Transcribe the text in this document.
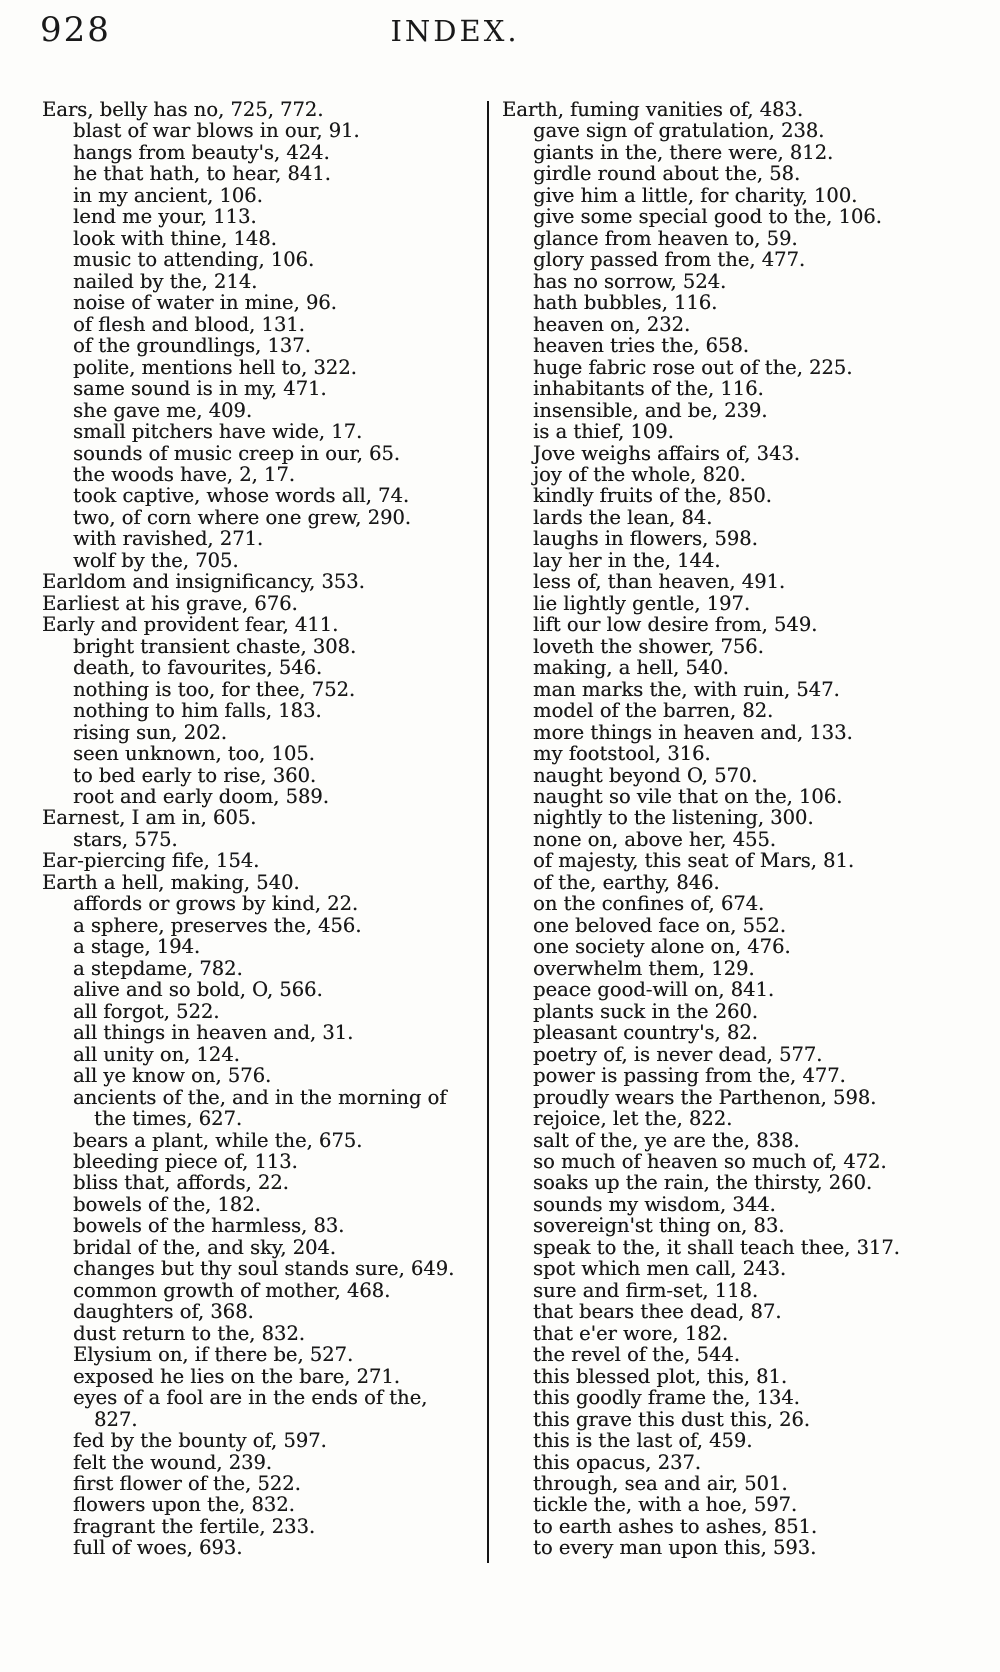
928	INDEX.
Ears, belly has no, 725, 772.
blast of war blows in our, 91.
hangs from beauty's, 424.
he that hath, to hear, 841.
in my ancient, 106.
lend me your, 113.
look with thine, 148.
music to attending, 106.
nailed by the, 214.
noise of water in mine, 96.
of flesh and blood, 131.
of the groundlings, 137.
polite, mentions hell to, 322.
same sound is in my, 471.
she gave me, 409.
small pitchers have wide, 17.
sounds of music creep in our, 65.
the woods have, 2, 17.
took captive, whose words all, 74.
two, of corn where one grew, 290.
with ravished, 271.
wolf by the, 705.
Earldom and insignificancy, 353.
Earliest at his grave, 676.
Early and provident fear, 411.
bright transient chaste, 308.
death, to favourites, 546.
nothing is too, for thee, 752.
nothing to him falls, 183.
rising sun, 202.
seen unknown, too, 105.
to bed early to rise, 360.
root and early doom, 589.
Earnest, I am in, 605.
stars, 575.
Ear-piercing fife, 154.
Earth a hell, making, 540.
affords or grows by kind, 22.
a sphere, preserves the, 456.
a stage, 194.
a stepdame, 782.
alive and so bold, O, 566.
all forgot, 522.
all things in heaven and, 31.
all unity on, 124.
all ye know on, 576.
ancients of the, and in the morning of
the times, 627.
bears a plant, while the, 675.
bleeding piece of, 113.
bliss that, affords, 22.
bowels of the, 182.
bowels of the harmless, 83.
bridal of the, and sky, 204.
changes but thy soul stands sure, 649.
common growth of mother, 468.
daughters of, 368.
dust return to the, 832.
Elysium on, if there be, 527.
exposed he lies on the bare, 271.
eyes of a fool are in the ends of the,
827.
fed by the bounty of, 597.
felt the wound, 239.
first flower of the, 522.
flowers upon the, 832.
fragrant the fertile, 233.
full of woes, 693.
Earth, fuming vanities of, 483.
gave sign of gratulation, 238.
giants in the, there were, 812.
girdle round about the, 58.
give him a little, for charity, 100.
give some special good to the, 106.
glance from heaven to, 59.
glory passed from the, 477.
has no sorrow, 524.
hath bubbles, 116.
heaven on, 232.
heaven tries the, 658.
huge fabric rose out of the, 225.
inhabitants of the, 116.
insensible, and be, 239.
is a thief, 109.
Jove weighs affairs of, 343.
joy of the whole, 820.
kindly fruits of the, 850.
lards the lean, 84.
laughs in flowers, 598.
lay her in the, 144.
less of, than heaven, 491.
lie lightly gentle, 197.
lift our low desire from, 549.
loveth the shower, 756.
making, a hell, 540.
man marks the, with ruin, 547.
model of the barren, 82.
more things in heaven and, 133.
my footstool, 316.
naught beyond O, 570.
naught so vile that on the, 106.
nightly to the listening, 300.
none on, above her, 455.
of majesty, this seat of Mars, 81.
of the, earthy, 846.
on the confines of, 674.
one beloved face on, 552.
one society alone on, 476.
overwhelm them, 129.
peace good-will on, 841.
plants suck in the 260.
pleasant country's, 82.
poetry of, is never dead, 577.
power is passing from the, 477.
proudly wears the Parthenon, 598.
rejoice, let the, 822.
salt of the, ye are the, 838.
so much of heaven so much of, 472.
soaks up the rain, the thirsty, 260.
sounds my wisdom, 344.
sovereign'st thing on, 83.
speak to the, it shall teach thee, 317.
spot which men call, 243.
sure and firm-set, 118.
that bears thee dead, 87.
that e'er wore, 182.
the revel of the, 544.
this blessed plot, this, 81.
this goodly frame the, 134.
this grave this dust this, 26.
this is the last of, 459.
this opacus, 237.
through, sea and air, 501.
tickle the, with a hoe, 597.
to earth ashes to ashes, 851.
to every man upon this, 593.
